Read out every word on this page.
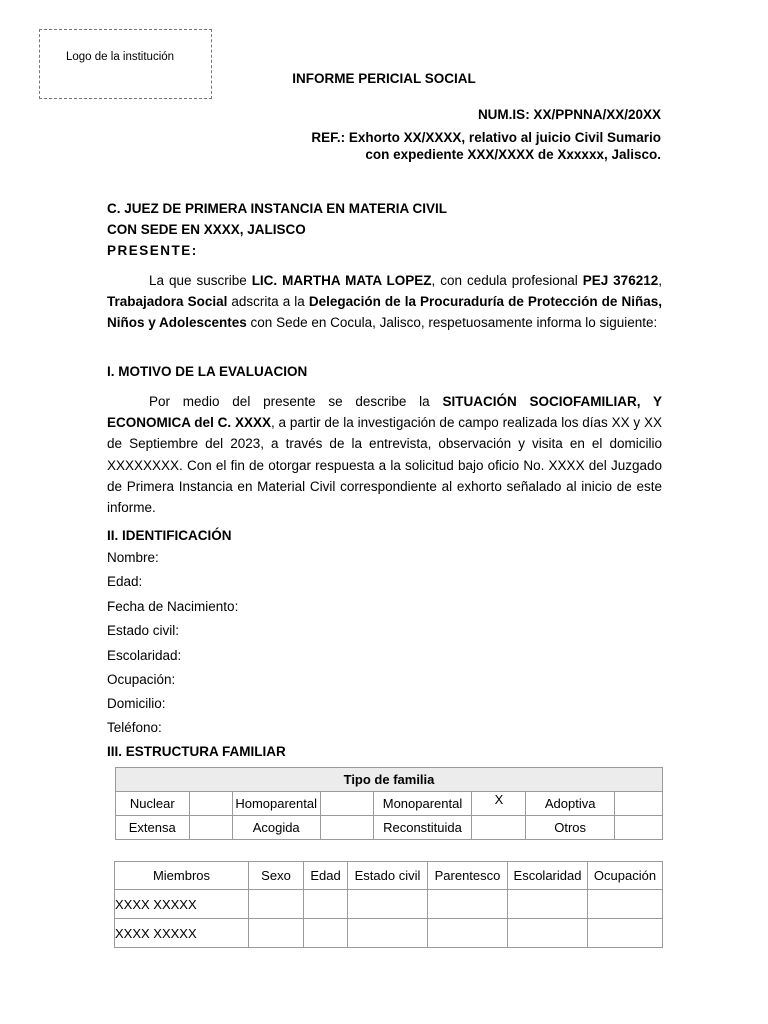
Logo de la institución
INFORME PERICIAL SOCIAL
NUM.IS: XX/PPNNA/XX/20XX
REF.: Exhorto XX/XXXX, relativo al juicio Civil Sumario
con expediente XXX/XXXX de Xxxxxx, Jalisco.
C. JUEZ DE PRIMERA INSTANCIA EN MATERIA CIVIL
CON SEDE EN XXXX, JALISCO
PRESENTE:

La que suscribe LIC. MARTHA MATA LOPEZ, con cedula profesional PEJ 376212, Trabajadora Social adscrita a la Delegación de la Procuraduría de Protección de Niñas, Niños y Adolescentes con Sede en Cocula, Jalisco, respetuosamente informa lo siguiente:

I. MOTIVO DE LA EVALUACION

Por medio del presente se describe la SITUACIÓN SOCIOFAMILIAR, Y ECONOMICA del C. XXXX, a partir de la investigación de campo realizada los días XX y XX de Septiembre del 2023, a través de la entrevista, observación y visita en el domicilio XXXXXXXX. Con el fin de otorgar respuesta a la solicitud bajo oficio No. XXXX del Juzgado de Primera Instancia en Material Civil correspondiente al exhorto señalado al inicio de este informe.

II. IDENTIFICACIÓN
Nombre:
Edad:
Fecha de Nacimiento:
Estado civil:
Escolaridad:
Ocupación:
Domicilio:
Teléfono:
III. ESTRUCTURA FAMILIAR
Tipo de familia							
Nuclear		Homoparental		Monoparental	X	Adoptiva	
Extensa		Acogida		Reconstituida		Otros	
Miembros	Sexo	Edad	Estado civil	Parentesco	Escolaridad	Ocupación
XXXX XXXXX						
XXXX XXXXX						
